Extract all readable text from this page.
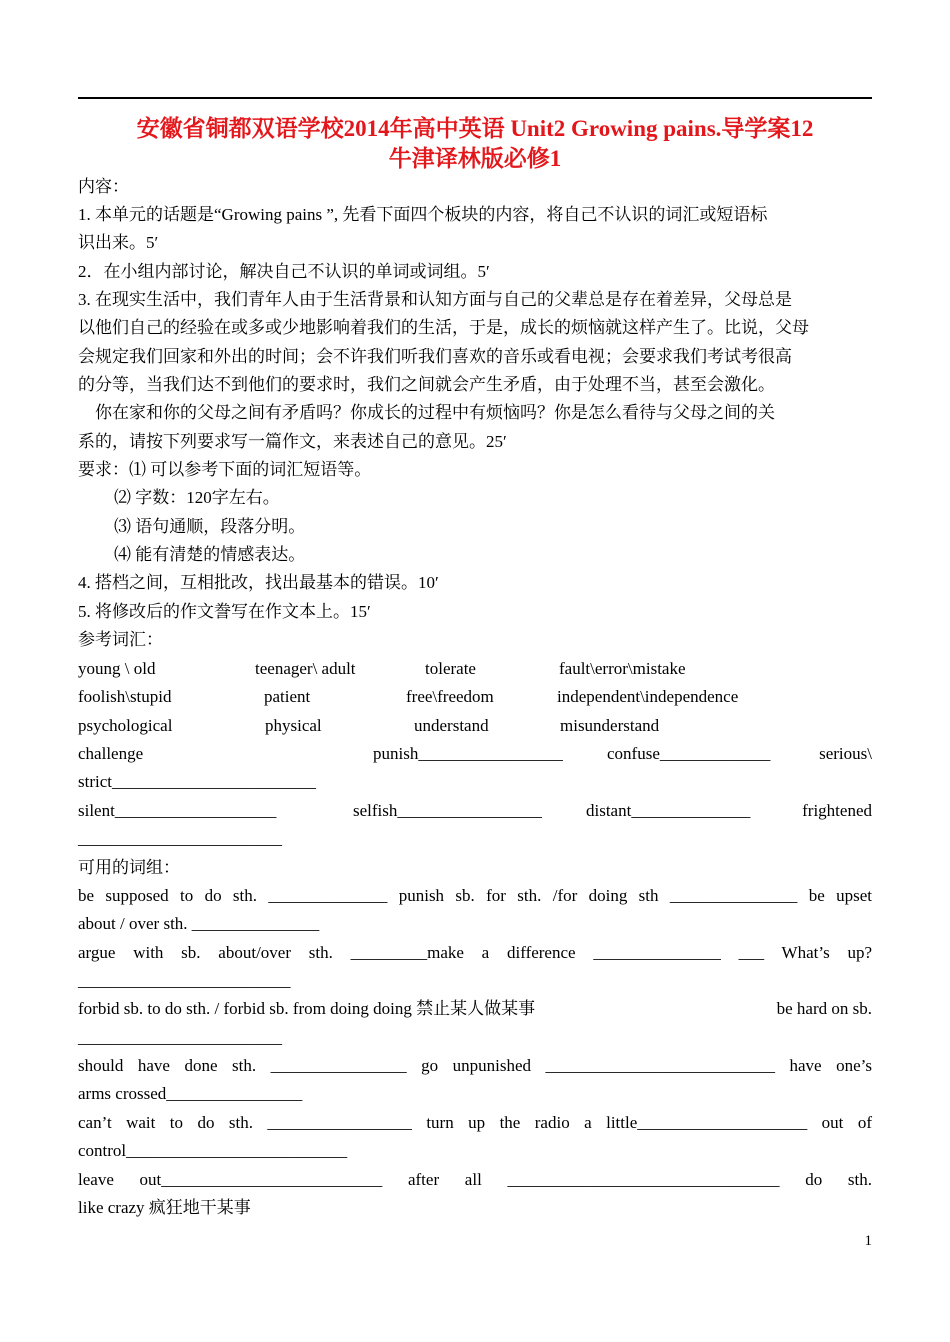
安徽省铜都双语学校2014年高中英语 Unit2 Growing pains.导学案12
牛津译林版必修1
内容：
1. 本单元的话题是“Growing pains ”, 先看下面四个板块的内容，将自己不认识的词汇或短语标
识出来。5′
2．在小组内部讨论，解决自己不认识的单词或词组。5′
3. 在现实生活中，我们青年人由于生活背景和认知方面与自己的父辈总是存在着差异，父母总是
以他们自己的经验在或多或少地影响着我们的生活，于是，成长的烦恼就这样产生了。比说，父母
会规定我们回家和外出的时间；会不许我们听我们喜欢的音乐或看电视；会要求我们考试考很高
的分等，当我们达不到他们的要求时，我们之间就会产生矛盾，由于处理不当，甚至会激化。
你在家和你的父母之间有矛盾吗？你成长的过程中有烦恼吗？你是怎么看待与父母之间的关
系的，请按下列要求写一篇作文，来表述自己的意见。25′
要求：⑴ 可以参考下面的词汇短语等。
⑵ 字数：120字左右。
⑶ 语句通顺，段落分明。
⑷ 能有清楚的情感表达。
4. 搭档之间，互相批改，找出最基本的错误。10′
5. 将修改后的作文誊写在作文本上。15′
参考词汇：
young \ old	teenager\ adult	tolerate	fault\error\mistake
foolish\stupid	patient	free\freedom	independent\independence
psychological	physical	understand	misunderstand
challenge	punish_________________	confuse_____________	serious\
strict________________________
silent___________________	selfish_________________	distant______________	frightened
________________________
可用的词组：
be supposed to do sth. ______________ punish sb. for sth. /for doing sth _______________ be upset
about / over sth. _______________
argue with sb. about/over sth. _________make a difference _______________ ___ What’s up?
_________________________
forbid sb. to do sth. / forbid sb. from doing doing 禁止某人做某事	be hard on sb.
________________________
should have done sth. ________________ go unpunished ___________________________ have one’s
arms crossed________________
can’t wait to do sth. _________________ turn up the radio a little____________________ out of
control__________________________
leave out__________________________ after all ________________________________ do sth.
like crazy 疯狂地干某事
1
